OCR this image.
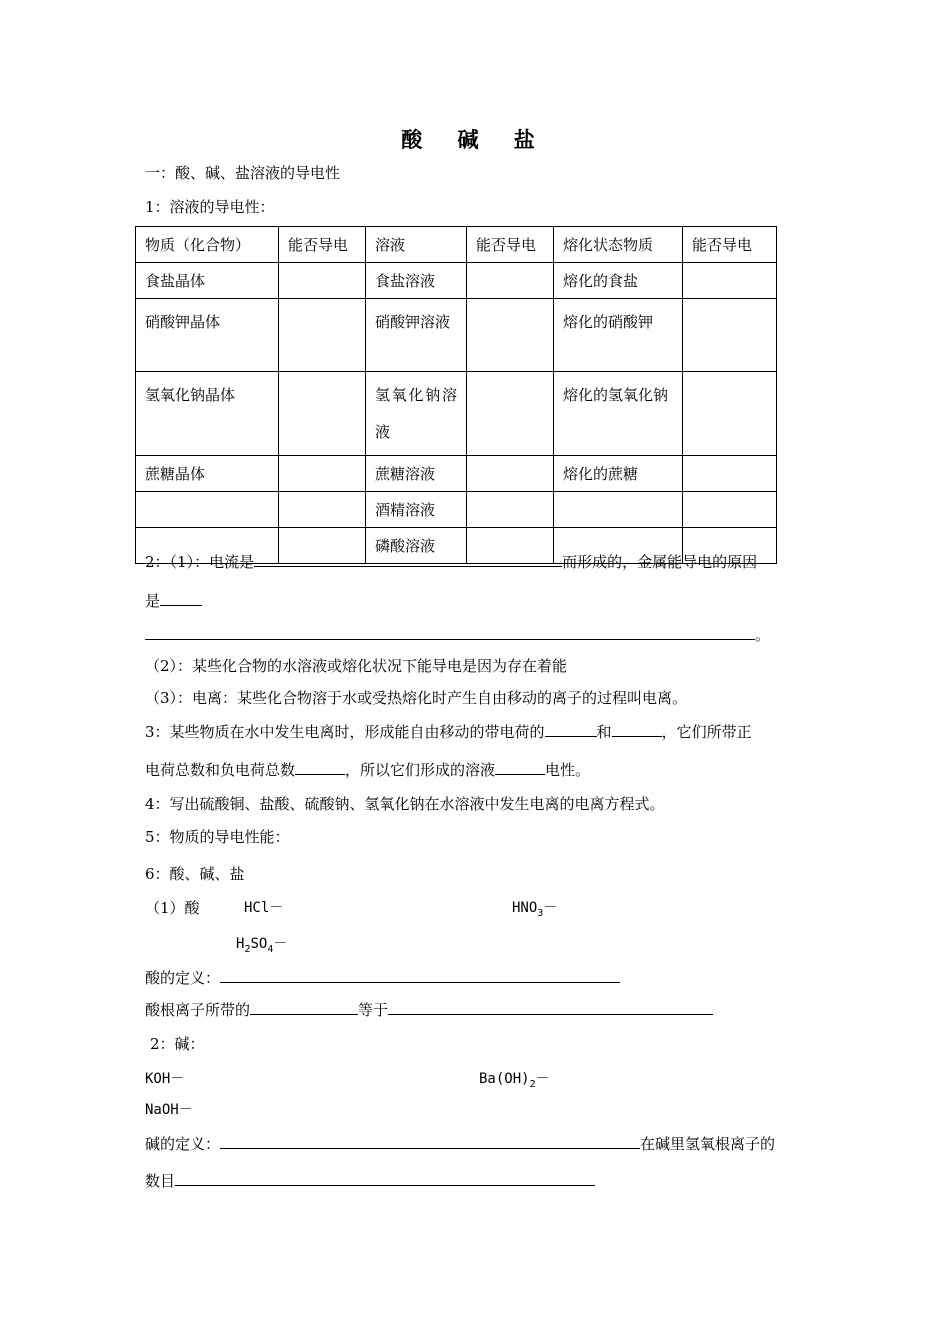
酸 碱 盐
一：酸、碱、盐溶液的导电性
1：溶液的导电性：
物质（化合物）	能否导电	溶液	能否导电	熔化状态物质	能否导电
食盐晶体		食盐溶液		熔化的食盐	
硝酸钾晶体		硝酸钾溶液		熔化的硝酸钾	
氢氧化钠晶体		氢氧化钠溶液		熔化的氢氧化钠	
蔗糖晶体		蔗糖溶液		熔化的蔗糖	
		酒精溶液			
		磷酸溶液			
2：（1）：电流是	而形成的，金属能导电的原因
是
。
（2）：某些化合物的水溶液或熔化状况下能导电是因为存在着能
（3）：电离：某些化合物溶于水或受热熔化时产生自由移动的离子的过程叫电离。
3：某些物质在水中发生电离时，形成能自由移动的带电荷的	和	，它们所带正
电荷总数和负电荷总数	，所以它们形成的溶液	电性。
4：写出硫酸铜、盐酸、硫酸钠、氢氧化钠在水溶液中发生电离的电离方程式。
5：物质的导电性能：
6：酸、碱、盐
（1）酸	HCl－	$HNO_3-$
$H_2SO_4-$
酸的定义：
酸根离子所带的	等于
2：碱：
KOH－	$Ba(OH)_2-$
NaOH－
碱的定义：	在碱里氢氧根离子的
数目
